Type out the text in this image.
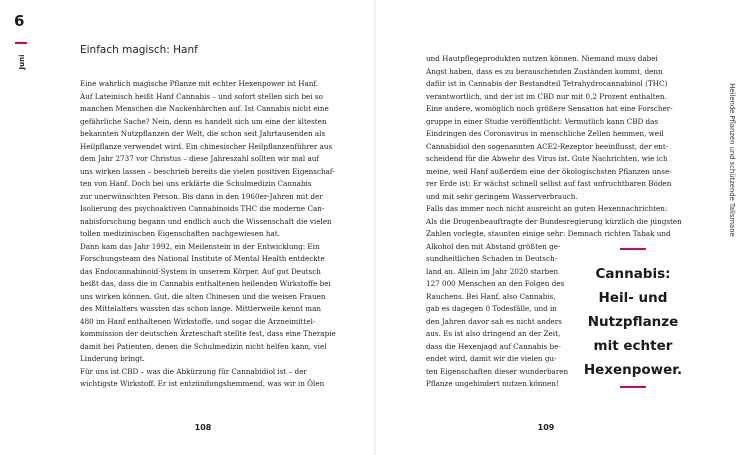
6
Juni
Einfach magisch: Hanf
Eine wahrlich magische Pflanze mit echter Hexenpower ist Hanf.
Auf Lateinisch heißt Hanf Cannabis – und sofort stellen sich bei so
manchen Menschen die Nackenhärchen auf. Ist Cannabis nicht eine
gefährliche Sache? Nein, denn es handelt sich um eine der ältesten
bekannten Nutzpflanzen der Welt, die schon seit Jahrtausenden als
Heilpflanze verwendet wird. Ein chinesischer Heilpflanzenführer aus
dem Jahr 2737 vor Christus – diese Jahreszahl sollten wir mal auf
uns wirken lassen – beschrieb bereits die vielen positiven Eigenschaf-
ten von Hanf. Doch bei uns erklärte die Schulmedizin Cannabis
zur unerwünschten Person. Bis dann in den 1960er-Jahren mit der
Isolierung des psychoaktiven Cannabinoids THC die moderne Can-
nabisforschung begann und endlich auch die Wissenschaft die vielen
tollen medizinischen Eigenschaften nachgewiesen hat.
Dann kam das Jahr 1992, ein Meilenstein in der Entwicklung: Ein
Forschungsteam des National Institute of Mental Health entdeckte
das Endocannabinoid-System in unserem Körper. Auf gut Deutsch
heißt das, dass die in Cannabis enthaltenen heilenden Wirkstoffe bei
uns wirken können. Gut, die alten Chinesen und die weisen Frauen
des Mittelalters wussten das schon lange. Mittlerweile kennt man
480 im Hanf enthaltenen Wirkstoffe, und sogar die Arzneimittel-
kommission der deutschen Ärzteschaft stellte fest, dass eine Therapie
damit bei Patienten, denen die Schulmedizin nicht helfen kann, viel
Linderung bringt.
Für uns ist CBD – was die Abkürzung für Cannabidiol ist – der
wichtigste Wirkstoff. Er ist entzündungshemmend, was wir in Ölen
108
und Hautpflegeprodukten nutzen können. Niemand muss dabei
Angst haben, dass es zu berauschenden Zuständen kommt, denn
dafür ist in Cannabis der Bestandteil Tetrahydrocannabinol (THC)
verantwortlich, und der ist im CBD nur mit 0,2 Prozent enthalten.
Eine andere, womöglich noch größere Sensation hat eine Forscher-
gruppe in einer Studie veröffentlicht: Vermutlich kann CBD das
Eindringen des Coronavirus in menschliche Zellen hemmen, weil
Cannabidiol den sogenannten ACE2-Rezeptor beeinflusst, der ent-
scheidend für die Abwehr des Virus ist. Gute Nachrichten, wie ich
meine, weil Hanf außerdem eine der ökologischsten Pflanzen unse-
rer Erde ist: Er wächst schnell selbst auf fast unfruchtbaren Böden
und mit sehr geringem Wasserverbrauch.
Falls das immer noch nicht ausreicht an guten Hexennachrichten:
Als die Drogenbeauftragte der Bundesregierung kürzlich die jüngsten
Zahlen vorlegte, staunten einige sehr: Demnach richten Tabak und
Alkohol den mit Abstand größten ge-
sundheitlichen Schaden in Deutsch-
land an. Allein im Jahr 2020 starben
127 000 Menschen an den Folgen des
Rauchens. Bei Hanf, also Cannabis,
gab es dagegen 0 Todesfälle, und in
den Jahren davor sah es nicht anders
aus. Es ist also dringend an der Zeit,
dass die Hexenjagd auf Cannabis be-
endet wird, damit wir die vielen gu-
ten Eigenschaften dieser wunderbaren
Pflanze ungehindert nutzen können!
Cannabis:
Heil- und
Nutzpflanze
mit echter
Hexenpower.
Heilende Pflanzen und schützende Talismane
109
